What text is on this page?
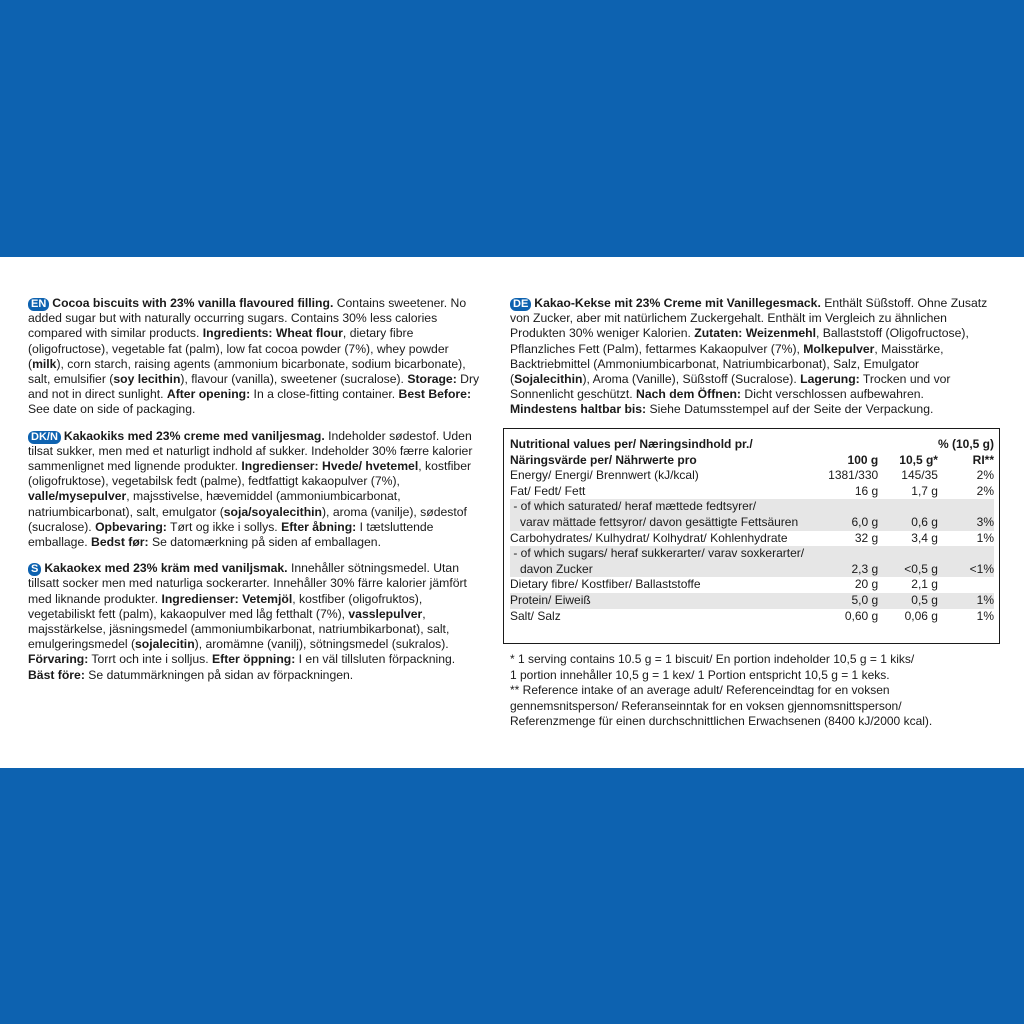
EN Cocoa biscuits with 23% vanilla flavoured filling. Contains sweetener. No added sugar but with naturally occurring sugars. Contains 30% less calories compared with similar products. Ingredients: Wheat flour, dietary fibre (oligofructose), vegetable fat (palm), low fat cocoa powder (7%), whey powder (milk), corn starch, raising agents (ammonium bicarbonate, sodium bicarbonate), salt, emulsifier (soy lecithin), flavour (vanilla), sweetener (sucralose). Storage: Dry and not in direct sunlight. After opening: In a close-fitting container. Best Before: See date on side of packaging.

DK/N Kakaokiks med 23% creme med vaniljesmag. Indeholder sødestof. Uden tilsat sukker, men med et naturligt indhold af sukker. Indeholder 30% færre kalorier sammenlignet med lignende produkter. Ingredienser: Hvede/ hvetemel, kostfiber (oligofruktose), vegetabilsk fedt (palme), fedtfattigt kakaopulver (7%), valle/mysepulver, majsstivelse, hævemiddel (ammoniumbicarbonat, natriumbicarbonat), salt, emulgator (soja/soyalecithin), aroma (vanilje), sødestof (sucralose). Opbevaring: Tørt og ikke i sollys. Efter åbning: I tætsluttende emballage. Bedst før: Se datomærkning på siden af emballagen.

S Kakaokex med 23% kräm med vaniljsmak. Innehåller sötningsmedel. Utan tillsatt socker men med naturliga sockerarter. Innehåller 30% färre kalorier jämfört med liknande produkter. Ingredienser: Vetemjöl, kostfiber (oligofruktos), vegetabiliskt fett (palm), kakaopulver med låg fetthalt (7%), vasslepulver, majsstärkelse, jäsningsmedel (ammoniumbikarbonat, natriumbikarbonat), salt, emulgeringsmedel (sojalecitin), aromämne (vanilj), sötningsmedel (sukralos). Förvaring: Torrt och inte i solljus. Efter öppning: I en väl tillsluten förpackning. Bäst före: Se datummärkningen på sidan av förpackningen.

DE Kakao-Kekse mit 23% Creme mit Vanillegesmack. Enthält Süßstoff. Ohne Zusatz von Zucker, aber mit natürlichem Zuckergehalt. Enthält im Vergleich zu ähnlichen Produkten 30% weniger Kalorien. Zutaten: Weizenmehl, Ballaststoff (Oligofructose), Pflanzliches Fett (Palm), fettarmes Kakaopulver (7%), Molkepulver, Maisstärke, Backtriebmittel (Ammoniumbicarbonat, Natriumbicarbonat), Salz, Emulgator (Sojalecithin), Aroma (Vanille), Süßstoff (Sucralose). Lagerung: Trocken und vor Sonnenlicht geschützt. Nach dem Öffnen: Dicht verschlossen aufbewahren. Mindestens haltbar bis: Siehe Datumsstempel auf der Seite der Verpackung.

Nutritional values per/ Næringsindhold pr./			% (10,5 g)
Näringsvärde per/ Nährwerte pro	100 g	10,5 g*	RI**
Energy/ Energi/ Brennwert (kJ/kcal)	1381/330	145/35	2%
Fat/ Fedt/ Fett	16 g	1,7 g	2%
- of which saturated/ heraf mættede fedtsyrer/			
varav mättade fettsyror/ davon gesättigte Fettsäuren	6,0 g	0,6 g	3%
Carbohydrates/ Kulhydrat/ Kolhydrat/ Kohlenhydrate	32 g	3,4 g	1%
- of which sugars/ heraf sukkerarter/ varav soxkerarter/			
davon Zucker	2,3 g	<0,5 g	<1%
Dietary fibre/ Kostfiber/ Ballaststoffe	20 g	2,1 g	
Protein/ Eiweiß	5,0 g	0,5 g	1%
Salt/ Salz	0,60 g	0,06 g	1%

* 1 serving contains 10.5 g = 1 biscuit/ En portion indeholder 10,5 g = 1 kiks/

1 portion innehåller 10,5 g = 1 kex/ 1 Portion entspricht 10,5 g = 1 keks.

** Reference intake of an average adult/ Referenceindtag for en voksen

gennemsnitsperson/ Referanseinntak for en voksen gjennomsnittsperson/

Referenzmenge für einen durchschnittlichen Erwachsenen (8400 kJ/2000 kcal).
